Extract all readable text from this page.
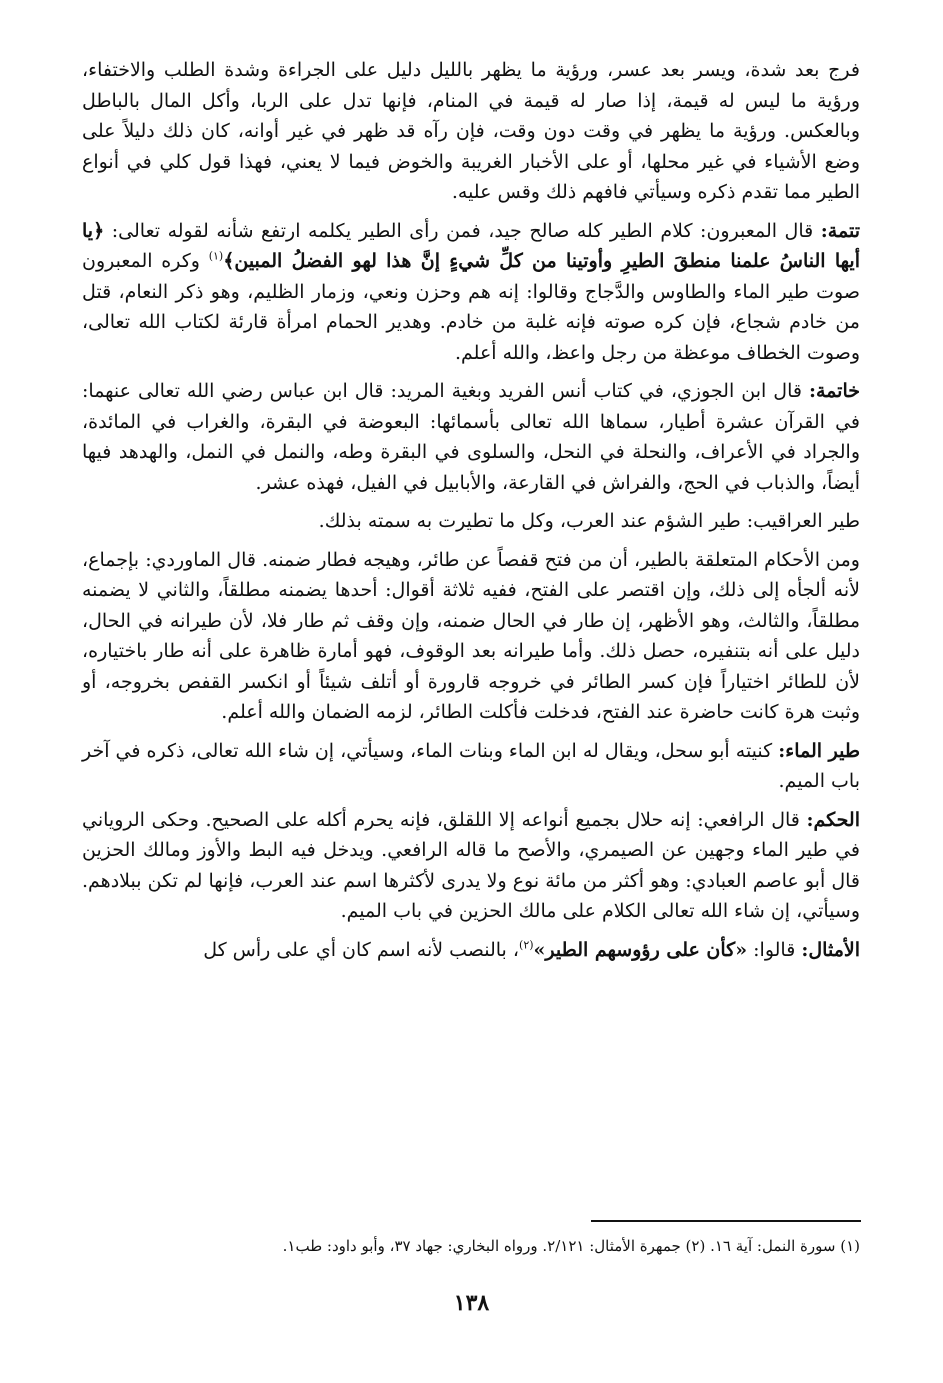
فرج بعد شدة، ويسر بعد عسر، ورؤية ما يظهر بالليل دليل على الجراءة وشدة الطلب والاختفاء، ورؤية ما ليس له قيمة، إذا صار له قيمة في المنام، فإنها تدل على الربا، وأكل المال بالباطل وبالعكس. ورؤية ما يظهر في وقت دون وقت، فإن رآه قد ظهر في غير أوانه، كان ذلك دليلاً على وضع الأشياء في غير محلها، أو على الأخبار الغريبة والخوض فيما لا يعني، فهذا قول كلي في أنواع الطير مما تقدم ذكره وسيأتي فافهم ذلك وقس عليه.

تتمة: قال المعبرون: كلام الطير كله صالح جيد، فمن رأى الطير يكلمه ارتفع شأنه لقوله تعالى: ﴿يا أيها الناسُ علمنا منطقَ الطيرِ وأوتينا من كلِّ شيءٍ إنَّ هذا لهو الفضلُ المبين﴾$^{(١)}$ وكره المعبرون صوت طير الماء والطاوس والدَّجاج وقالوا: إنه هم وحزن ونعي، وزمار الظليم، وهو ذكر النعام، قتل من خادم شجاع، فإن كره صوته فإنه غلبة من خادم. وهدير الحمام امرأة قارئة لكتاب الله تعالى، وصوت الخطاف موعظة من رجل واعظ، والله أعلم.

خاتمة: قال ابن الجوزي، في كتاب أنس الفريد وبغية المريد: قال ابن عباس رضي الله تعالى عنهما: في القرآن عشرة أطيار، سماها الله تعالى بأسمائها: البعوضة في البقرة، والغراب في المائدة، والجراد في الأعراف، والنحلة في النحل، والسلوى في البقرة وطه، والنمل في النمل، والهدهد فيها أيضاً، والذباب في الحج، والفراش في القارعة، والأبابيل في الفيل، فهذه عشر.

طير العراقيب: طير الشؤم عند العرب، وكل ما تطيرت به سمته بذلك.

ومن الأحكام المتعلقة بالطير، أن من فتح قفصاً عن طائر، وهيجه فطار ضمنه. قال الماوردي: بإجماع، لأنه ألجأه إلى ذلك، وإن اقتصر على الفتح، ففيه ثلاثة أقوال: أحدها يضمنه مطلقاً، والثاني لا يضمنه مطلقاً، والثالث، وهو الأظهر، إن طار في الحال ضمنه، وإن وقف ثم طار فلا، لأن طيرانه في الحال، دليل على أنه بتنفيره، حصل ذلك. وأما طيرانه بعد الوقوف، فهو أمارة ظاهرة على أنه طار باختياره، لأن للطائر اختياراً فإن كسر الطائر في خروجه قارورة أو أتلف شيئاً أو انكسر القفص بخروجه، أو وثبت هرة كانت حاضرة عند الفتح، فدخلت فأكلت الطائر، لزمه الضمان والله أعلم.

طير الماء: كنيته أبو سحل، ويقال له ابن الماء وبنات الماء، وسيأتي، إن شاء الله تعالى، ذكره في آخر باب الميم.

الحكم: قال الرافعي: إنه حلال بجميع أنواعه إلا اللقلق، فإنه يحرم أكله على الصحيح. وحكى الروياني في طير الماء وجهين عن الصيمري، والأصح ما قاله الرافعي. ويدخل فيه البط والأوز ومالك الحزين قال أبو عاصم العبادي: وهو أكثر من مائة نوع ولا يدرى لأكثرها اسم عند العرب، فإنها لم تكن ببلادهم. وسيأتي، إن شاء الله تعالى الكلام على مالك الحزين في باب الميم.

الأمثال: قالوا: «كأن على رؤوسهم الطير»$^{(٢)}$، بالنصب لأنه اسم كان أي على رأس كل

(١) سورة النمل: آية ١٦. (٢) جمهرة الأمثال: ٢/١٢١. ورواه البخاري: جهاد ٣٧، وأبو داود: طب١.
١٣٨
